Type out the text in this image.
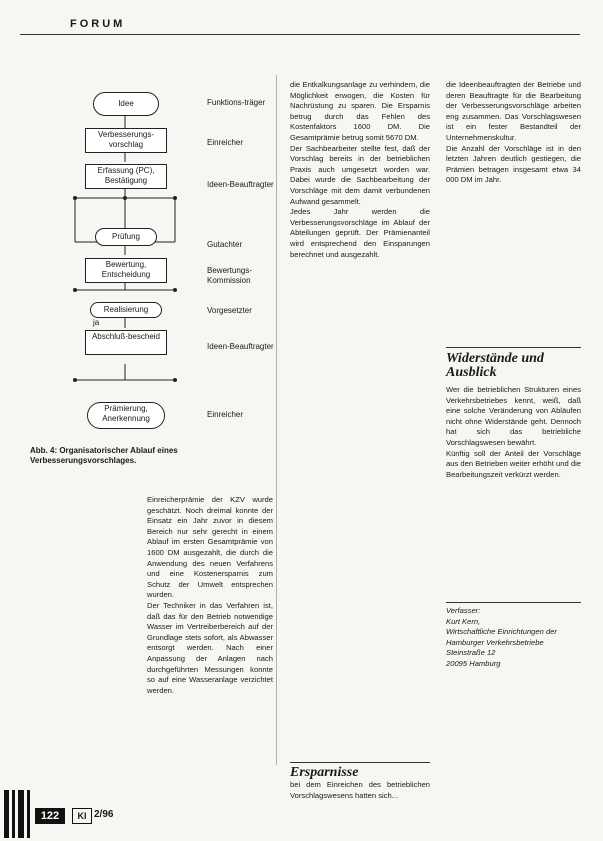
FORUM
Idee
Verbesserungs-vorschlag
Erfassung (PC), Bestätigung
Prüfung
Bewertung, Entscheidung
Realisierung
ja
Abschluß-bescheid
Prämierung, Anerkennung
Funktions-träger
Einreicher
Ideen-Beauftragter
Gutachter
Bewertungs-Kommission
Vorgesetzter
Ideen-Beauftragter
Einreicher
Abb. 4: Organisatorischer Ablauf eines Verbesserungsvorschlages.

Einreicherprämie der KZV wurde geschätzt. Noch dreimal konnte der Einsatz ein Jahr zuvor in diesem Bereich nur sehr gerecht in einem Ablauf im ersten Gesamtprämie von 1600 DM ausgezahlt, die durch die Anwendung des neuen Verfahrens und eine Kostenersparnis zum Schutz der Umwelt entsprechen wurden.

Der Techniker in das Verfahren ist, daß das für den Betrieb notwendige Wasser im Vertreiberbereich auf der Grundlage stets sofort, als Abwasser entsorgt werden. Nach einer Anpassung der Anlagen nach durchgeführten Messungen konnte so auf eine Wasseranlage verzichtet werden.

die Entkalkungsanlage zu verhindern, die Möglichkeit erwogen, die Kosten für Nachrüstung zu sparen. Die Ersparnis betrug durch das Fehlen des Kostenfaktors 1600 DM. Die Gesamtprämie betrug somit 5670 DM.

Der Sachbearbeiter stellte fest, daß der Vorschlag bereits in der betrieblichen Praxis auch umgesetzt worden war. Dabei wurde die Sachbearbeitung der Vorschläge mit dem damit verbundenen Aufwand gesammelt.

Jedes Jahr werden die Verbesserungsvorschläge im Ablauf der Abteilungen geprüft. Der Prämienanteil wird entsprechend den Einsparungen berechnet und ausgezahlt.

die Ideenbeauftragten der Betriebe und deren Beauftragte für die Bearbeitung der Verbesserungsvorschläge arbeiten eng zusammen. Das Vorschlagswesen ist ein fester Bestandteil der Unternehmenskultur.

Die Anzahl der Vorschläge ist in den letzten Jahren deutlich gestiegen, die Prämien betragen insgesamt etwa 34 000 DM im Jahr.

Widerstände und Ausblick

Wer die betrieblichen Strukturen eines Verkehrsbetriebes kennt, weiß, daß eine solche Veränderung von Abläufen nicht ohne Widerstände geht. Dennoch hat sich das betriebliche Vorschlagswesen bewährt.

Künftig soll der Anteil der Vorschläge aus den Betrieben weiter erhöht und die Bearbeitungszeit verkürzt werden.

Verfasser:
Kurt Kern,
Wirtschaftliche Einrichtungen der Hamburger Verkehrsbetriebe
Steinstraße 12
20095 Hamburg
Ersparnisse
bei dem Einreichen des betrieblichen Vorschlagswesens hatten sich...
122	KI 2/96
